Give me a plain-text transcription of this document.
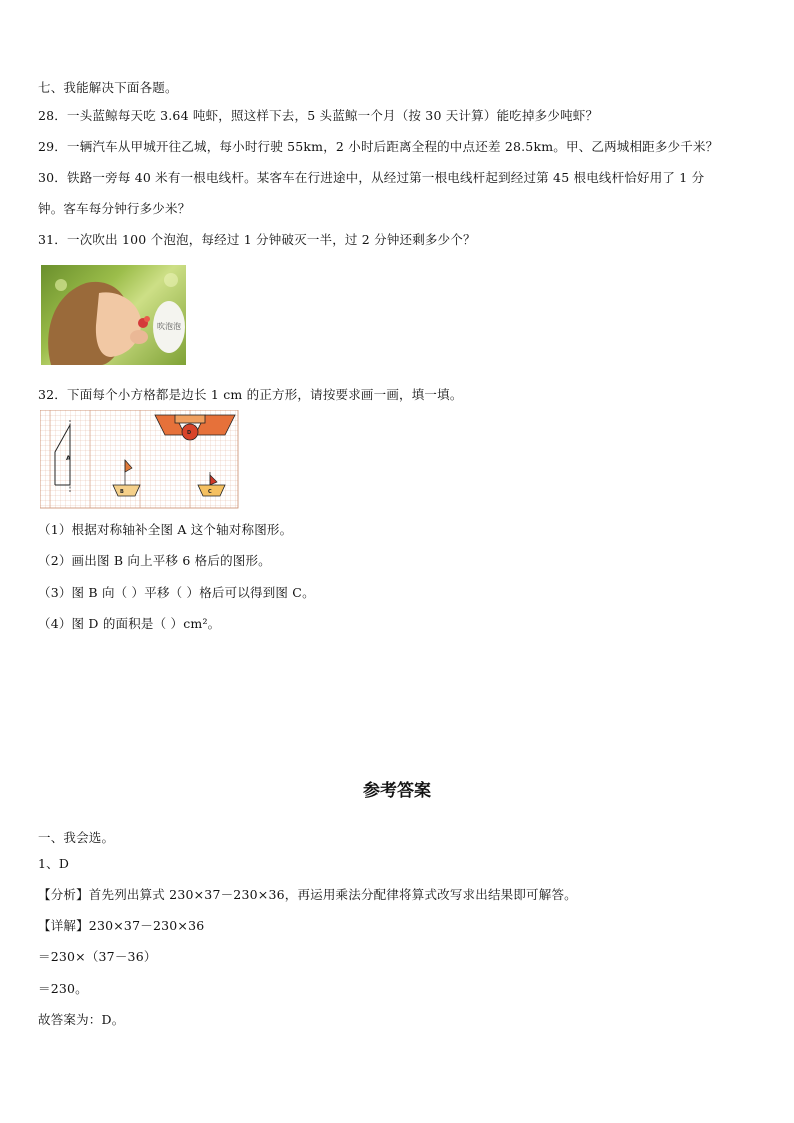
七、我能解决下面各题。
28．一头蓝鲸每天吃 3.64 吨虾，照这样下去，5 头蓝鲸一个月（按 30 天计算）能吃掉多少吨虾？
29．一辆汽车从甲城开往乙城，每小时行驶 55km，2 小时后距离全程的中点还差 28.5km。甲、乙两城相距多少千米？
30．铁路一旁每 40 米有一根电线杆。某客车在行进途中，从经过第一根电线杆起到经过第 45 根电线杆恰好用了 1 分
钟。客车每分钟行多少米？
31．一次吹出 100 个泡泡，每经过 1 分钟破灭一半，过 2 分钟还剩多少个？
吹泡泡
32．下面每个小方格都是边长 1 cm 的正方形，请按要求画一画，填一填。
A
B	C
D
（1）根据对称轴补全图 A 这个轴对称图形。
（2）画出图 B 向上平移 6 格后的图形。
（3）图 B 向（ ）平移（ ）格后可以得到图 C。
（4）图 D 的面积是（ ）cm²。
参考答案
一、我会选。
1、D
【分析】首先列出算式 230×37－230×36，再运用乘法分配律将算式改写求出结果即可解答。
【详解】230×37－230×36
＝230×（37－36）
＝230。
故答案为：D。
